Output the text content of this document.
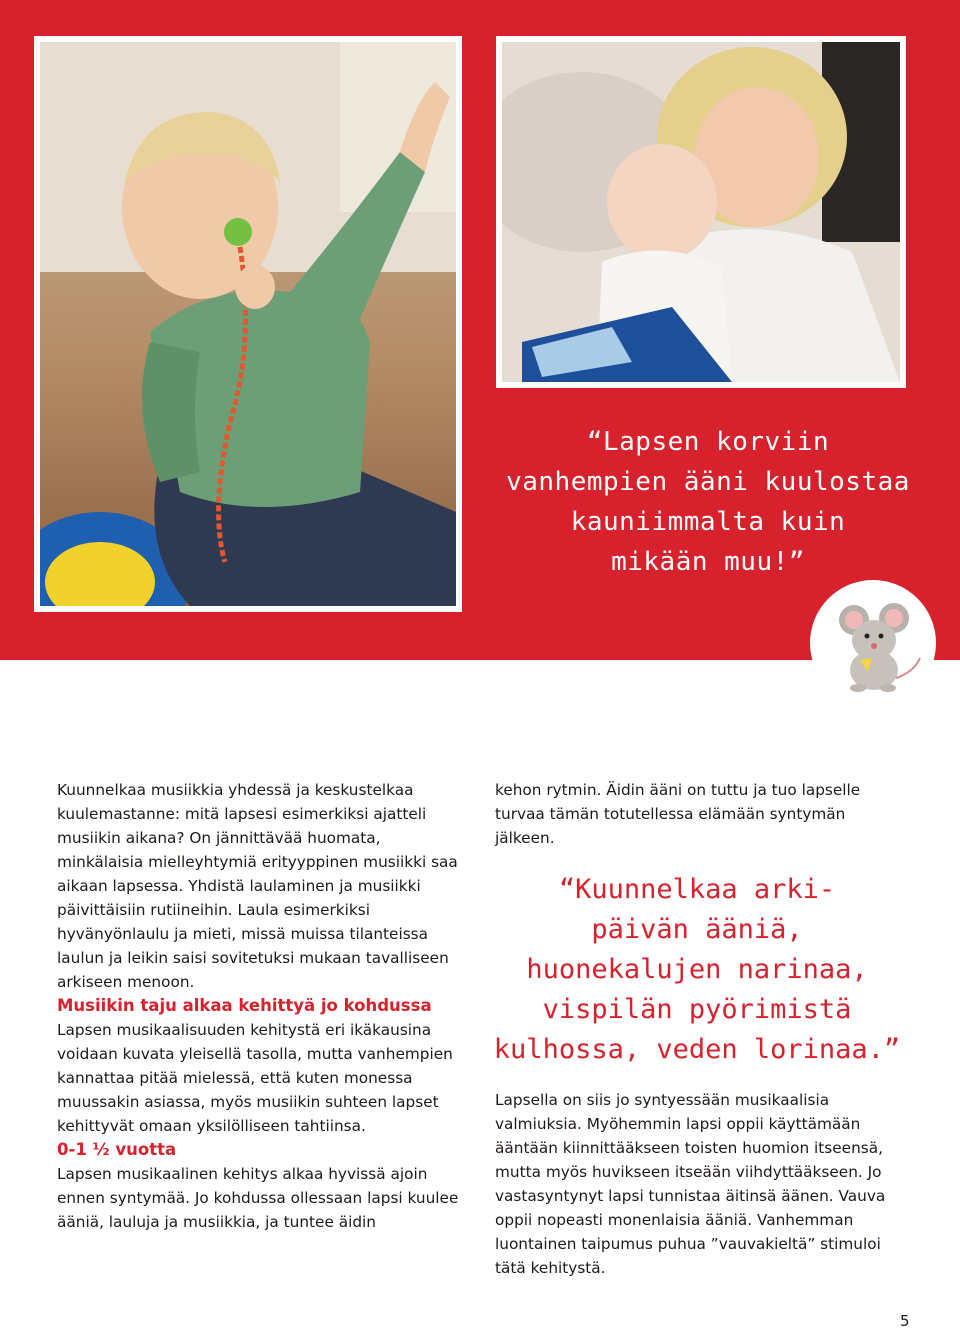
“Lapsen korviin
vanhempien ääni kuulostaa
kauniimmalta kuin
mikään muu!”

Kuunnelkaa musiikkia yhdessä ja keskustelkaa kuulemastanne: mitä lapsesi esimerkiksi ajatteli musiikin aikana? On jännittävää huomata, minkälaisia mielleyhtymiä erityyppinen musiikki saa aikaan lapsessa. Yhdistä laulaminen ja musiikki päivittäisiin rutiineihin. Laula esimerkiksi hyvänyönlaulu ja mieti, missä muissa tilanteissa laulun ja leikin saisi sovitetuksi mukaan tavalliseen arkiseen menoon.

Musiikin taju alkaa kehittyä jo kohdussa

Lapsen musikaalisuuden kehitystä eri ikäkausina voidaan kuvata yleisellä tasolla, mutta vanhempien kannattaa pitää mielessä, että kuten monessa muussakin asiassa, myös musiikin suhteen lapset kehittyvät omaan yksilölliseen tahtiinsa.

0-1 ½ vuotta

Lapsen musikaalinen kehitys alkaa hyvissä ajoin ennen syntymää. Jo kohdussa ollessaan lapsi kuulee ääniä, lauluja ja musiikkia, ja tuntee äidin

kehon rytmin. Äidin ääni on tuttu ja tuo lapselle turvaa tämän totutellessa elämään syntymän jälkeen.

“Kuunnelkaa arki-
päivän ääniä,
huonekalujen narinaa,
vispilän pyörimistä
kulhossa, veden lorinaa.”

Lapsella on siis jo syntyessään musikaalisia valmiuksia. Myöhemmin lapsi oppii käyttämään ääntään kiinnittääkseen toisten huomion itseensä, mutta myös huvikseen itseään viihdyttääkseen. Jo vastasyntynyt lapsi tunnistaa äitinsä äänen. Vauva oppii nopeasti monenlaisia ääniä. Vanhemman luontainen taipumus puhua ”vauvakieltä” stimuloi tätä kehitystä.

5
